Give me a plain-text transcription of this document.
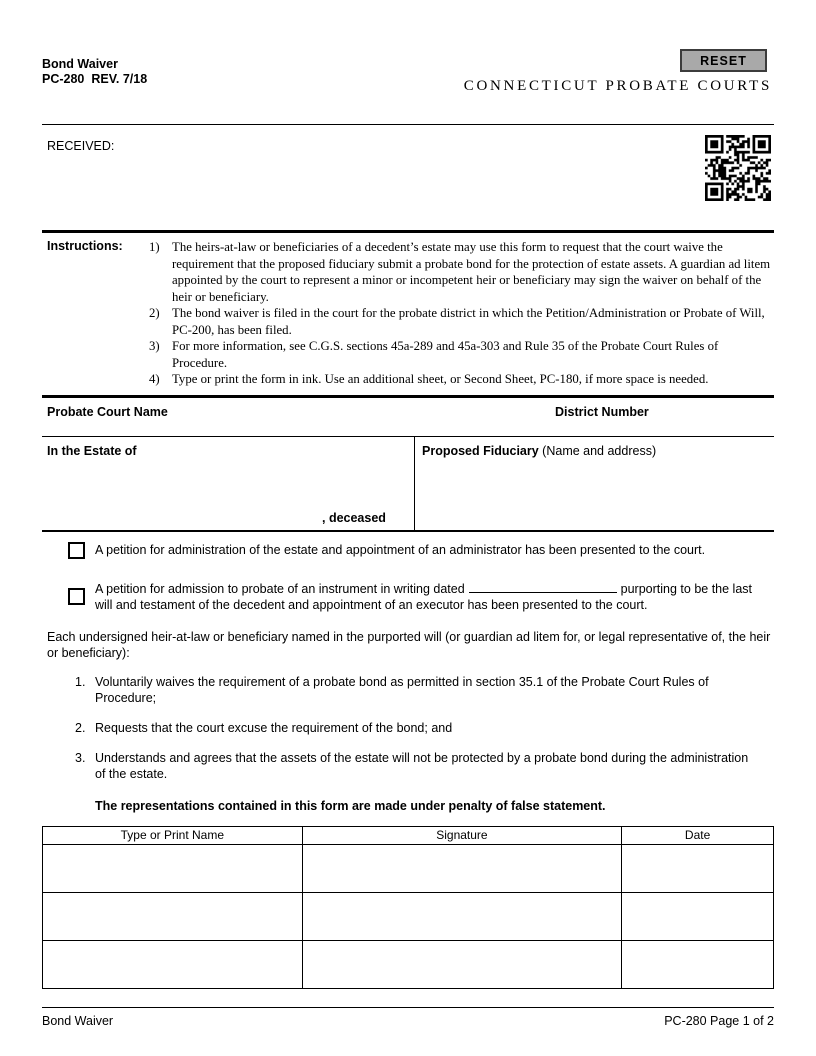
Bond Waiver
PC-280  REV. 7/18
RESET
CONNECTICUT PROBATE COURTS
RECEIVED:
Instructions:	1) The heirs-at-law or beneficiaries of a decedent’s estate may use this form to request that the court waive the requirement that the proposed fiduciary submit a probate bond for the protection of estate assets. A guardian ad litem appointed by the court to represent a minor or incompetent heir or beneficiary may sign the waiver on behalf of the heir or beneficiary.
2) The bond waiver is filed in the court for the probate district in which the Petition/Administration or Probate of Will, PC-200, has been filed.
3) For more information, see C.G.S. sections 45a-289 and 45a-303 and Rule 35 of the Probate Court Rules of Procedure.
4) Type or print the form in ink. Use an additional sheet, or Second Sheet, PC-180, if more space is needed.
Probate Court Name	District Number
In the Estate of
, deceased
Proposed Fiduciary (Name and address)
A petition for administration of the estate and appointment of an administrator has been presented to the court.
A petition for admission to probate of an instrument in writing dated	purporting to be the last will and testament of the decedent and appointment of an executor has been presented to the court.
Each undersigned heir-at-law or beneficiary named in the purported will (or guardian ad litem for, or legal representative of, the heir or beneficiary):
1. Voluntarily waives the requirement of a probate bond as permitted in section 35.1 of the Probate Court Rules of Procedure;
2. Requests that the court excuse the requirement of the bond; and
3. Understands and agrees that the assets of the estate will not be protected by a probate bond during the administration of the estate.
The representations contained in this form are made under penalty of false statement.
Type or Print Name	Signature	Date

Bond Waiver	PC-280 Page 1 of 2
